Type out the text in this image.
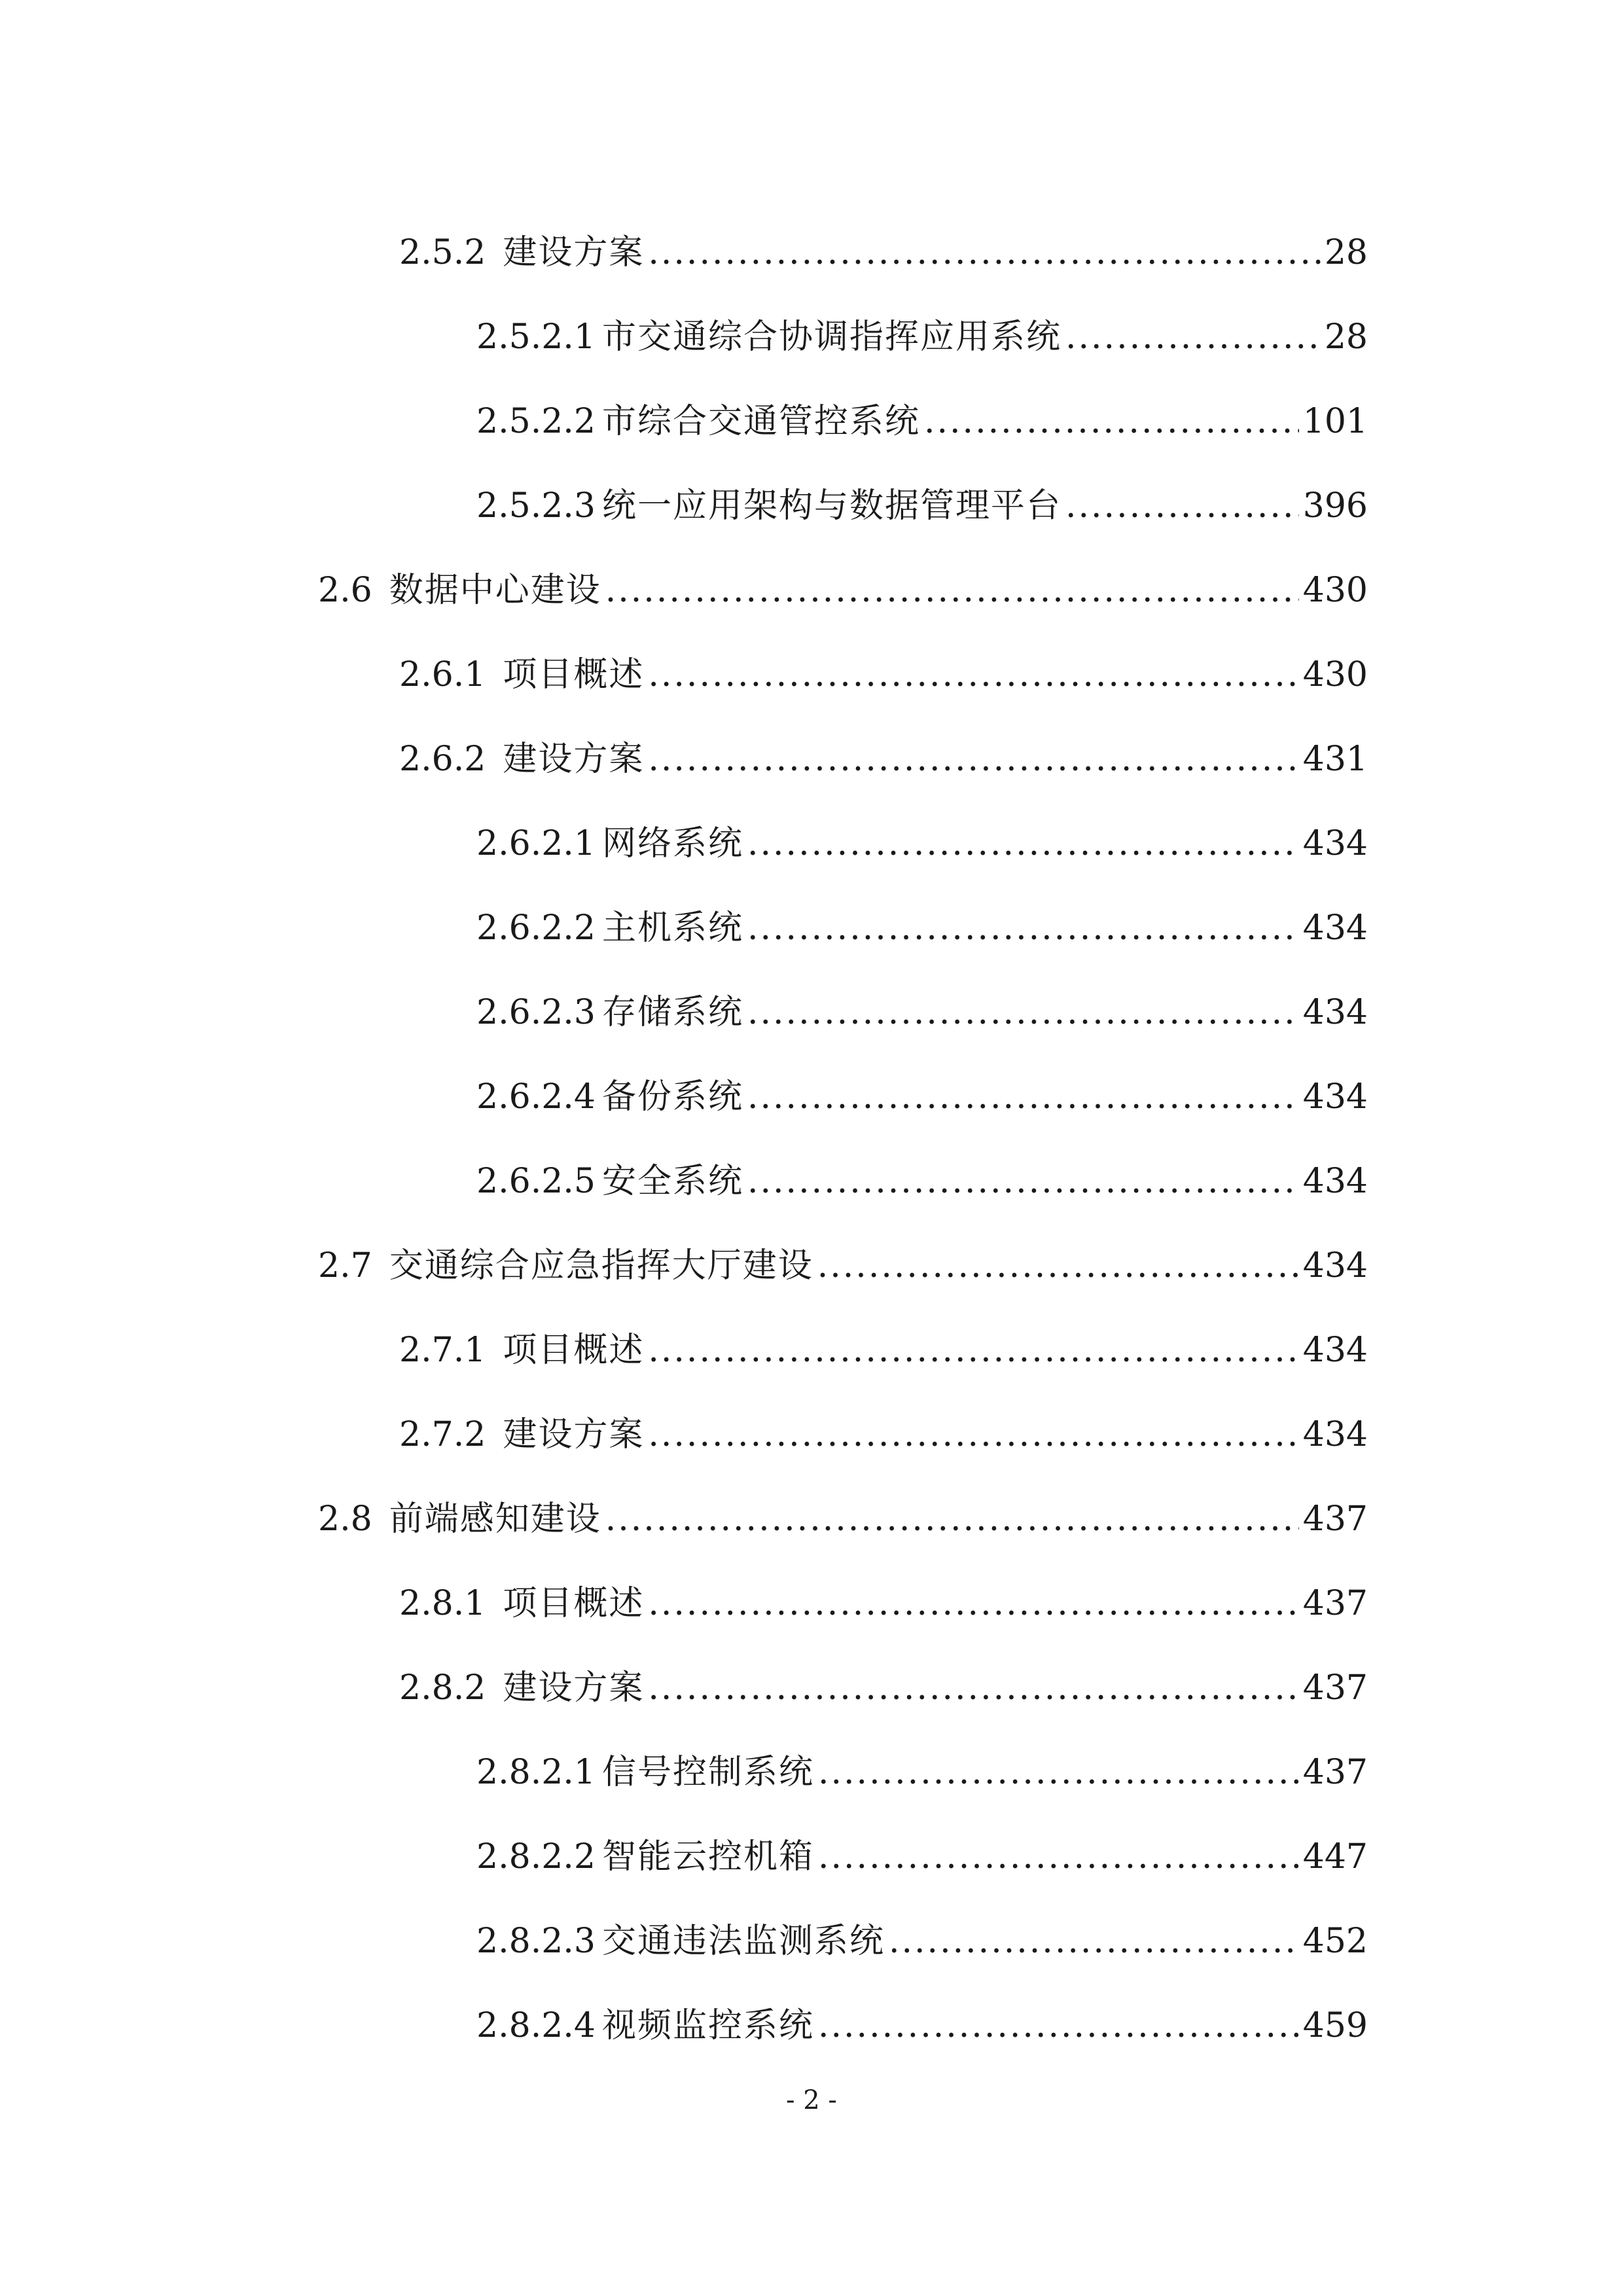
2.5.2 建设方案 .....	28
2.5.2.1 市交通综合协调指挥应用系统 .....	28
2.5.2.2 市综合交通管控系统 .....	101
2.5.2.3 统一应用架构与数据管理平台 .....	396
2.6 数据中心建设 .....	430
2.6.1 项目概述 .....	430
2.6.2 建设方案 .....	431
2.6.2.1 网络系统 .....	434
2.6.2.2 主机系统 .....	434
2.6.2.3 存储系统 .....	434
2.6.2.4 备份系统 .....	434
2.6.2.5 安全系统 .....	434
2.7 交通综合应急指挥大厅建设 .....	434
2.7.1 项目概述 .....	434
2.7.2 建设方案 .....	434
2.8 前端感知建设 .....	437
2.8.1 项目概述 .....	437
2.8.2 建设方案 .....	437
2.8.2.1 信号控制系统 .....	437
2.8.2.2 智能云控机箱 .....	447
2.8.2.3 交通违法监测系统 .....	452
2.8.2.4 视频监控系统 .....	459
- 2 -
